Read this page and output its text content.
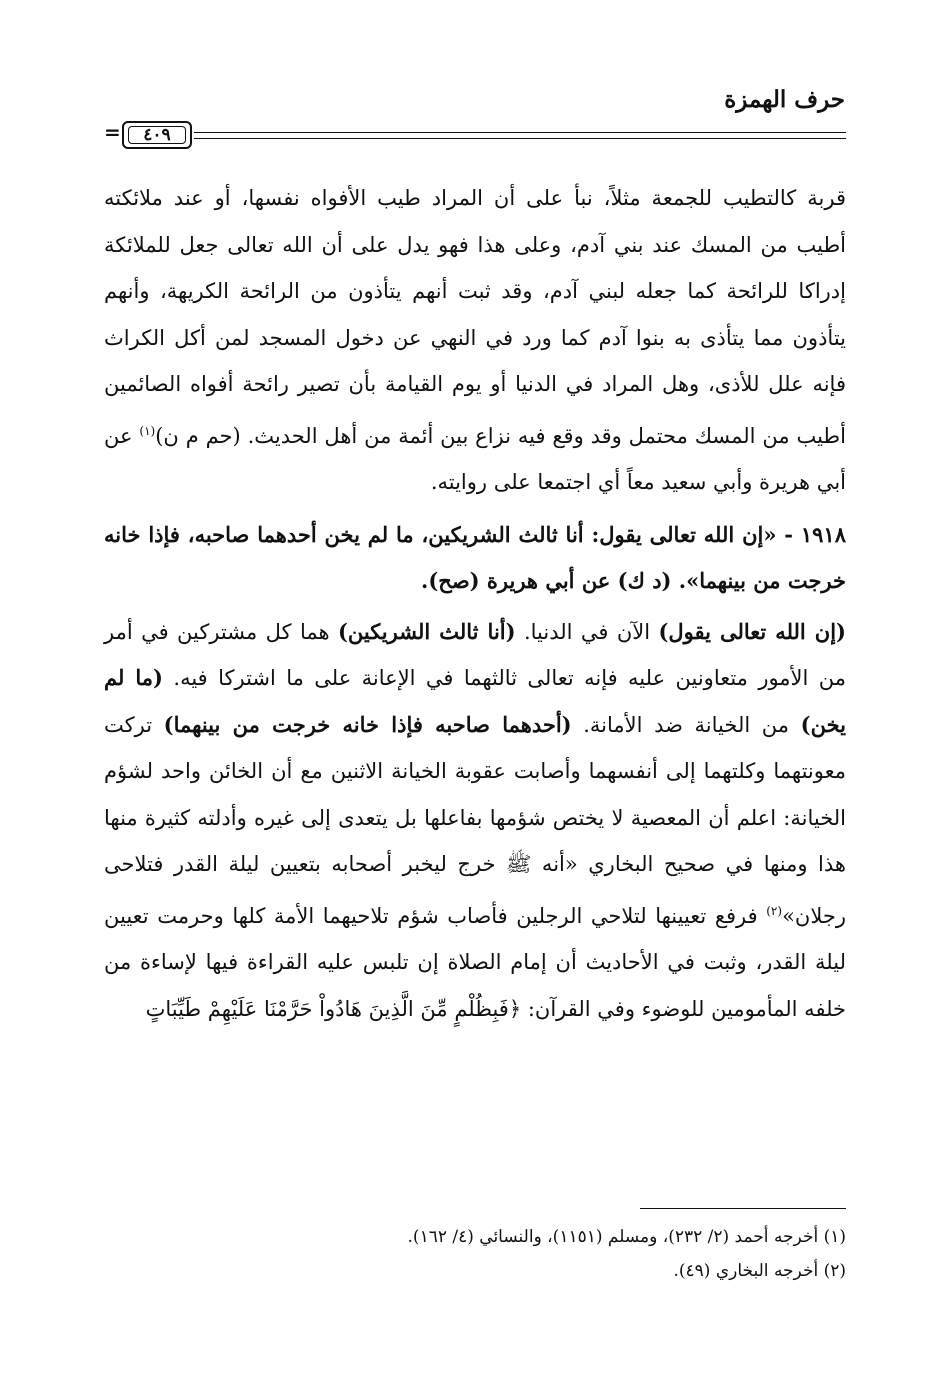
حرف الهمزة
=	٤٠٩

قربة كالتطيب للجمعة مثلاً، نبأ على أن المراد طيب الأفواه نفسها، أو عند ملائكته أطيب من المسك عند بني آدم، وعلى هذا فهو يدل على أن الله تعالى جعل للملائكة إدراكا للرائحة كما جعله لبني آدم، وقد ثبت أنهم يتأذون من الرائحة الكريهة، وأنهم يتأذون مما يتأذى به بنوا آدم كما ورد في النهي عن دخول المسجد لمن أكل الكراث فإنه علل للأذى، وهل المراد في الدنيا أو يوم القيامة بأن تصير رائحة أفواه الصائمين أطيب من المسك محتمل وقد وقع فيه نزاع بين أئمة من أهل الحديث. (حم م ن)$^{(١)}$ عن أبي هريرة وأبي سعيد معاً أي اجتمعا على روايته.

١٩١٨ - «إن الله تعالى يقول: أنا ثالث الشريكين، ما لم يخن أحدهما صاحبه، فإذا خانه خرجت من بينهما». (د ك) عن أبي هريرة (صح).

(إن الله تعالى يقول) الآن في الدنيا. (أنا ثالث الشريكين) هما كل مشتركين في أمر من الأمور متعاونين عليه فإنه تعالى ثالثهما في الإعانة على ما اشتركا فيه. (ما لم يخن) من الخيانة ضد الأمانة. (أحدهما صاحبه فإذا خانه خرجت من بينهما) تركت معونتهما وكلتهما إلى أنفسهما وأصابت عقوبة الخيانة الاثنين مع أن الخائن واحد لشؤم الخيانة: اعلم أن المعصية لا يختص شؤمها بفاعلها بل يتعدى إلى غيره وأدلته كثيرة منها هذا ومنها في صحيح البخاري «أنه ﷺ خرج ليخبر أصحابه بتعيين ليلة القدر فتلاحى رجلان»$^{(٢)}$ فرفع تعيينها لتلاحي الرجلين فأصاب شؤم تلاحيهما الأمة كلها وحرمت تعيين ليلة القدر، وثبت في الأحاديث أن إمام الصلاة إن تلبس عليه القراءة فيها لإساءة من خلفه المأمومين للوضوء وفي القرآن: ﴿فَبِظُلْمٍ مِّنَ الَّذِينَ هَادُواْ حَرَّمْنَا عَلَيْهِمْ طَيِّبَاتٍ

(١) أخرجه أحمد (٢/ ٢٣٢)، ومسلم (١١٥١)، والنسائي (٤/ ١٦٢).

(٢) أخرجه البخاري (٤٩).
